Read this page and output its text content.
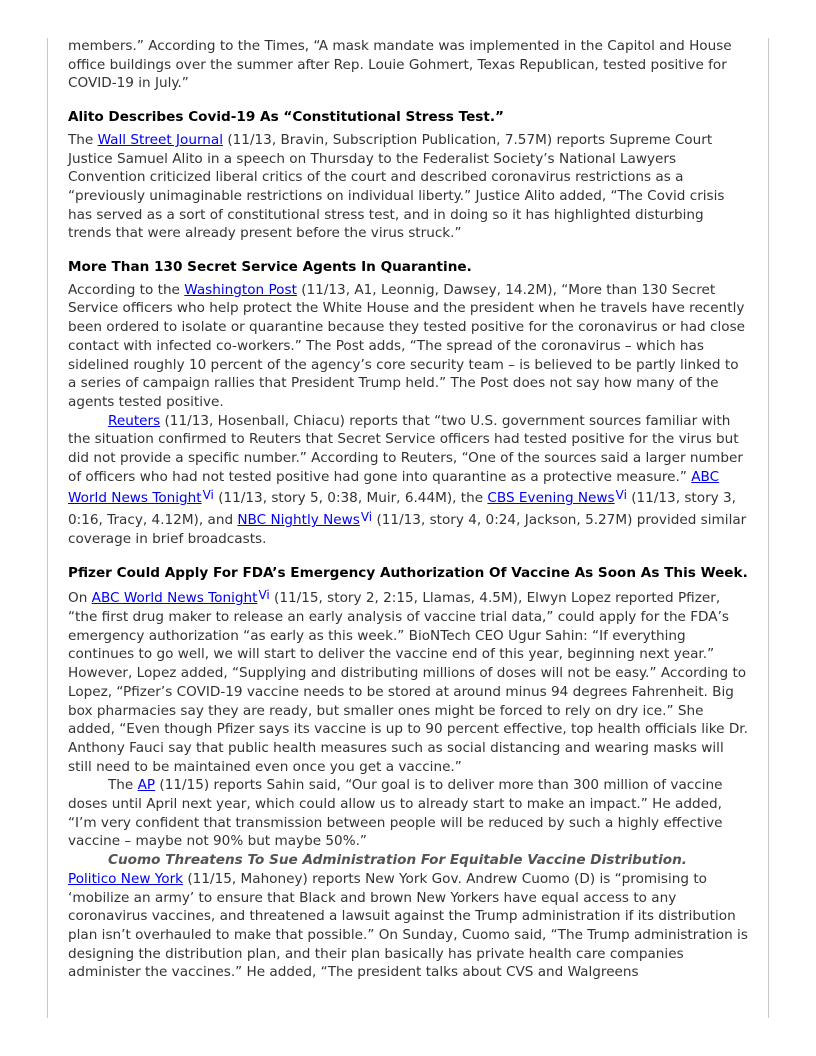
members.” According to the Times, “A mask mandate was implemented in the Capitol and House office buildings over the summer after Rep. Louie Gohmert, Texas Republican, tested positive for COVID-19 in July.”

Alito Describes Covid-19 As “Constitutional Stress Test.”

The Wall Street Journal (11/13, Bravin, Subscription Publication, 7.57M) reports Supreme Court Justice Samuel Alito in a speech on Thursday to the Federalist Society’s National Lawyers Convention criticized liberal critics of the court and described coronavirus restrictions as a “previously unimaginable restrictions on individual liberty.” Justice Alito added, “The Covid crisis has served as a sort of constitutional stress test, and in doing so it has highlighted disturbing trends that were already present before the virus struck.”

More Than 130 Secret Service Agents In Quarantine.

According to the Washington Post (11/13, A1, Leonnig, Dawsey, 14.2M), “More than 130 Secret Service officers who help protect the White House and the president when he travels have recently been ordered to isolate or quarantine because they tested positive for the coronavirus or had close contact with infected co-workers.” The Post adds, “The spread of the coronavirus – which has sidelined roughly 10 percent of the agency’s core security team – is believed to be partly linked to a series of campaign rallies that President Trump held.” The Post does not say how many of the agents tested positive.

Reuters (11/13, Hosenball, Chiacu) reports that “two U.S. government sources familiar with the situation confirmed to Reuters that Secret Service officers had tested positive for the virus but did not provide a specific number.” According to Reuters, “One of the sources said a larger number of officers who had not tested positive had gone into quarantine as a protective measure.” ABC World News TonightVi (11/13, story 5, 0:38, Muir, 6.44M), the CBS Evening NewsVi (11/13, story 3, 0:16, Tracy, 4.12M), and NBC Nightly NewsVi (11/13, story 4, 0:24, Jackson, 5.27M) provided similar coverage in brief broadcasts.

Pfizer Could Apply For FDA’s Emergency Authorization Of Vaccine As Soon As This Week.

On ABC World News TonightVi (11/15, story 2, 2:15, Llamas, 4.5M), Elwyn Lopez reported Pfizer, “the first drug maker to release an early analysis of vaccine trial data,” could apply for the FDA’s emergency authorization “as early as this week.” BioNTech CEO Ugur Sahin: “If everything continues to go well, we will start to deliver the vaccine end of this year, beginning next year.” However, Lopez added, “Supplying and distributing millions of doses will not be easy.” According to Lopez, “Pfizer’s COVID-19 vaccine needs to be stored at around minus 94 degrees Fahrenheit. Big box pharmacies say they are ready, but smaller ones might be forced to rely on dry ice.” She added, “Even though Pfizer says its vaccine is up to 90 percent effective, top health officials like Dr. Anthony Fauci say that public health measures such as social distancing and wearing masks will still need to be maintained even once you get a vaccine.”

The AP (11/15) reports Sahin said, “Our goal is to deliver more than 300 million of vaccine doses until April next year, which could allow us to already start to make an impact.” He added, “I’m very confident that transmission between people will be reduced by such a highly effective vaccine – maybe not 90% but maybe 50%.”

Cuomo Threatens To Sue Administration For Equitable Vaccine Distribution.

Politico New York (11/15, Mahoney) reports New York Gov. Andrew Cuomo (D) is “promising to ‘mobilize an army’ to ensure that Black and brown New Yorkers have equal access to any coronavirus vaccines, and threatened a lawsuit against the Trump administration if its distribution plan isn’t overhauled to make that possible.” On Sunday, Cuomo said, “The Trump administration is designing the distribution plan, and their plan basically has private health care companies administer the vaccines.” He added, “The president talks about CVS and Walgreens
